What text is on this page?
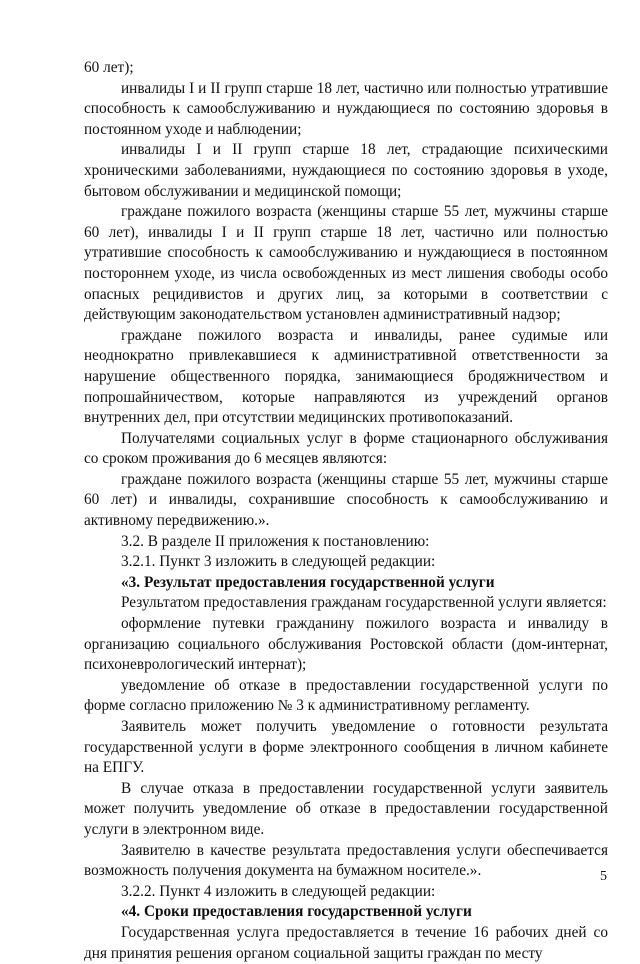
60 лет);

инвалиды I и II групп старше 18 лет, частично или полностью утратившие способность к самообслуживанию и нуждающиеся по состоянию здоровья в постоянном уходе и наблюдении;

инвалиды I и II групп старше 18 лет, страдающие психическими хроническими заболеваниями, нуждающиеся по состоянию здоровья в уходе, бытовом обслуживании и медицинской помощи;

граждане пожилого возраста (женщины старше 55 лет, мужчины старше 60 лет), инвалиды I и II групп старше 18 лет, частично или полностью утратившие способность к самообслуживанию и нуждающиеся в постоянном постороннем уходе, из числа освобожденных из мест лишения свободы особо опасных рецидивистов и других лиц, за которыми в соответствии с действующим законодательством установлен административный надзор;

граждане пожилого возраста и инвалиды, ранее судимые или неоднократно привлекавшиеся к административной ответственности за нарушение общественного порядка, занимающиеся бродяжничеством и попрошайничеством, которые направляются из учреждений органов внутренних дел, при отсутствии медицинских противопоказаний.

Получателями социальных услуг в форме стационарного обслуживания со сроком проживания до 6 месяцев являются:

граждане пожилого возраста (женщины старше 55 лет, мужчины старше 60 лет) и инвалиды, сохранившие способность к самообслуживанию и активному передвижению.».

3.2. В разделе II приложения к постановлению:

3.2.1. Пункт 3 изложить в следующей редакции:

«3. Результат предоставления государственной услуги

Результатом предоставления гражданам государственной услуги является:

оформление путевки гражданину пожилого возраста и инвалиду в организацию социального обслуживания Ростовской области (дом-интернат, психоневрологический интернат);

уведомление об отказе в предоставлении государственной услуги по форме согласно приложению № 3 к административному регламенту.

Заявитель может получить уведомление о готовности результата государственной услуги в форме электронного сообщения в личном кабинете на ЕПГУ.

В случае отказа в предоставлении государственной услуги заявитель может получить уведомление об отказе в предоставлении государственной услуги в электронном виде.

Заявителю в качестве результата предоставления услуги обеспечивается возможность получения документа на бумажном носителе.».

3.2.2. Пункт 4 изложить в следующей редакции:

«4. Сроки предоставления государственной услуги

Государственная услуга предоставляется в течение 16 рабочих дней со дня принятия решения органом социальной защиты граждан по месту

5
